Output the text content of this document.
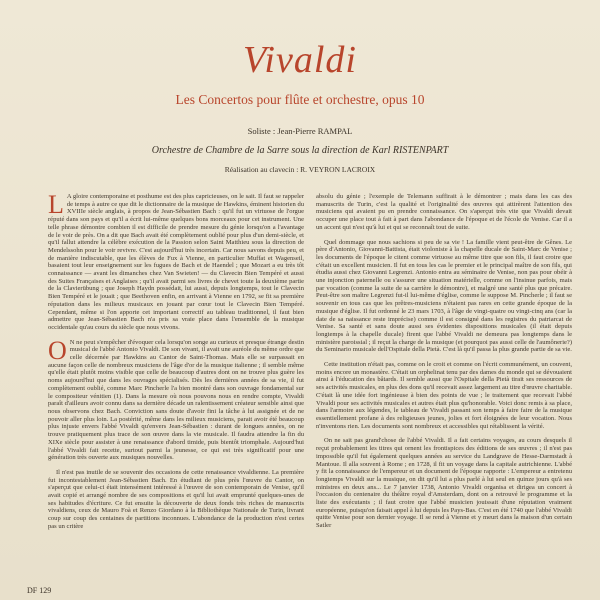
Vivaldi
Les Concertos pour flûte et orchestre, opus 10
Soliste : Jean-Pierre RAMPAL
Orchestre de Chambre de la Sarre sous la direction de Karl RISTENPART
Réalisation au clavecin : R. VEYRON LACROIX

L A gloire contemporaine et posthume est des plus capricieuses, on le sait. Il faut se rappeler de temps à autre ce que dit le dictionnaire de la musique de Hawkins, éminent historien du XVIIIe siècle anglais, à propos de Jean-Sébastien Bach : qu'il fut un virtuose de l'orgue réputé dans son pays et qu'il a écrit lui-même quelques bons morceaux pour cet instrument. Une telle phrase démontre combien il est difficile de prendre mesure du génie lorsqu'on a l'avantage de le voir de près. On a dit que Bach avait été complètement oublié pour plus d'un demi-siècle, et qu'il fallut attendre la célèbre exécution de la Passion selon Saint Matthieu sous la direction de Mendelssohn pour le voir revivre. C'est aujourd'hui très incertain. Car nous savons depuis peu, et de manière indiscutable, que les élèves de Fux à Vienne, en particulier Muffat et Wagenseil, basaient tout leur enseignement sur les fugues de Bach et de Haendel ; que Mozart a eu très tôt connaissance — avant les dimanches chez Van Swieten! — du Clavecin Bien Tempéré et aussi des Suites Françaises et Anglaises ; qu'il avait parmi ses livres de chevet toute la deuxième partie de la Clavierübung ; que Joseph Haydn possédait, lui aussi, depuis longtemps, tout le Clavecin Bien Tempéré et le jouait ; que Beethoven enfin, en arrivant à Vienne en 1792, se fit sa première réputation dans les milieux musicaux en jouant par cœur tout le Clavecin Bien Tempéré. Cependant, même si l'on apporte cet important correctif au tableau traditionnel, il faut bien admettre que Jean-Sébastien Bach n'a pris sa vraie place dans l'ensemble de la musique occidentale qu'au cours du siècle que nous vivons.

O N ne peut s'empêcher d'évoquer cela lorsqu'on songe au curieux et presque étrange destin musical de l'abbé Antonio Vivaldi. De son vivant, il avait une auréole du même ordre que celle décernée par Hawkins au Cantor de Saint-Thomas. Mais elle se surpassait en aucune façon celle de nombreux musiciens de l'âge d'or de la musique italienne ; il semble même qu'elle était plutôt moins visible que celle de beaucoup d'autres dont on ne trouve plus guère les noms aujourd'hui que dans les ouvrages spécialisés. Dès les dernières années de sa vie, il fut complètement oublié, comme Marc Pincherle l'a bien montré dans son ouvrage fondamental sur le compositeur vénitien (1). Dans la mesure où nous pouvons nous en rendre compte, Vivaldi paraît d'ailleurs avoir connu dans sa dernière décade un ralentissement créateur sensible ainsi que nous observons chez Bach. Conviction sans doute d'avoir fini la tâche à lui assignée et de ne pouvoir aller plus loin. La postérité, même dans les milieux musiciens, parait avoir été beaucoup plus injuste envers l'abbé Vivaldi qu'envers Jean-Sébastien : durant de longues années, on ne trouve pratiquement plus trace de son œuvre dans la vie musicale. Il faudra attendre la fin du XIXe siècle pour assister à une renaissance d'abord timide, puis bientôt triomphale. Aujourd'hui l'abbé Vivaldi fait recette, surtout parmi la jeunesse, ce qui est très significatif pour une génération très ouverte aux musiques nouvelles.

Il n'est pas inutile de se souvenir des occasions de cette renaissance vivaldienne. La première fut incontestablement Jean-Sébastien Bach. En étudiant de plus près l'œuvre du Cantor, on s'aperçut que celui-ci était intensément intéressé à l'œuvre de son contemporain de Venise, qu'il avait copié et arrangé nombre de ses compositions et qu'il lui avait emprunté quelques-unes de ses habitudes d'écriture. Ce fut ensuite la découverte de deux fonds très riches de manuscrits vivaldiens, ceux de Mauro Foà et Renzo Giordano à la Bibliothèque Nationale de Turin, livrant coup sur coup des centaines de partitions inconnues. L'abondance de la production n'est certes pas un critère

absolu du génie ; l'exemple de Telemann suffirait à le démontrer ; mais dans les cas des manuscrits de Turin, c'est la qualité et l'originalité des œuvres qui attirèrent l'attention des musiciens qui avaient pu en prendre connaissance. On s'aperçut très vite que Vivaldi devait occuper une place tout à fait à part dans l'abondance de l'époque et de l'école de Venise. Car il a un accent qui n'est qu'à lui et qui se reconnaît tout de suite.

Quel dommage que nous sachions si peu de sa vie ! La famille vient peut-être de Gênes. Le père d'Antonio, Giovanni-Battista, était violoniste à la chapelle ducale de Saint-Marc de Venise ; les documents de l'époque le citent comme virtuose au même titre que son fils, il faut croire que c'était un excellent musicien. Il fut en tous les cas le premier et le principal maître de son fils, qui étudia aussi chez Giovanni Legrenzi. Antonio entra au séminaire de Venise, non pas pour obéir à une injonction paternelle ou s'assurer une situation matérielle, comme on l'insinue parfois, mais par vocation (comme la suite de sa carrière le démontre), et malgré une santé plus que précaire. Peut-être son maître Legrenzi fut-il lui-même d'église, comme le suppose M. Pincherle ; il faut se souvenir en tous cas que les prêtres-musiciens n'étaient pas rares en cette grande époque de la musique d'église. Il fut ordonné le 23 mars 1703, à l'âge de vingt-quatre ou vingt-cinq ans (car la date de sa naissance reste imprécise) comme il est consigné dans les registres du patriarcat de Venise. Sa santé et sans doute aussi ses évidentes dispositions musicales (il était depuis longtemps à la chapelle ducale) firent que l'abbé Vivaldi ne demeura pas longtemps dans le ministère paroissial ; il reçut la charge de la musique (et pourquoi pas aussi celle de l'aumônerie?) du Seminario musicale dell'Ospitale della Pietà. C'est là qu'il passa la plus grande partie de sa vie.

Cette institution n'était pas, comme on le croit et comme on l'écrit communément, un couvent, moins encore un monastère. C'était un orphelinat tenu par des dames du monde qui se dévouaient ainsi à l'éducation des bâtards. Il semble aussi que l'Ospitale della Pietà tirait ses ressources de ses activités musicales, en plus des dons qu'il recevait assez largement au titre d'œuvre charitable. C'était là une idée fort ingénieuse à bien des points de vue ; le traitement que recevait l'abbé Vivaldi pour ses activités musicales et autres était plus qu'honorable. Voici donc remis à sa place, dans l'armoire aux légendes, le tableau de Vivaldi passant son temps à faire faire de la musique essentiellement profane à des religieuses jeunes, jolies et fort éloignées de leur vocation. Nous n'inventons rien. Les documents sont nombreux et accessibles qui rétablissent la vérité.

On ne sait pas grand'chose de l'abbé Vivaldi. Il a fait certains voyages, au cours desquels il reçut probablement les titres qui ornent les frontispices des éditions de ses œuvres ; il n'est pas impossible qu'il fut également quelques années au service du Landgrave de Hesse-Darmstadt à Mantoue. Il alla souvent à Rome ; en 1728, il fit un voyage dans la capitale autrichienne. L'abbé y fit la connaissance de l'empereur et un document de l'époque rapporte : L'empereur a entretenu longtemps Vivaldi sur la musique, on dit qu'il lui a plus parlé à lui seul en quinze jours qu'à ses ministres en deux ans... Le 7 janvier 1738, Antonio Vivaldi organisa et dirigea un concert à l'occasion du centenaire du théâtre royal d'Amsterdam, dont on a retrouvé le programme et la liste des exécutants ; il faut croire que l'abbé musicien jouissait d'une réputation vraiment européenne, puisqu'on faisait appel à lui depuis les Pays-Bas. C'est en été 1740 que l'abbé Vivaldi quitte Venise pour son dernier voyage. Il se rend à Vienne et y meurt dans la maison d'un certain Satler

DF 129
